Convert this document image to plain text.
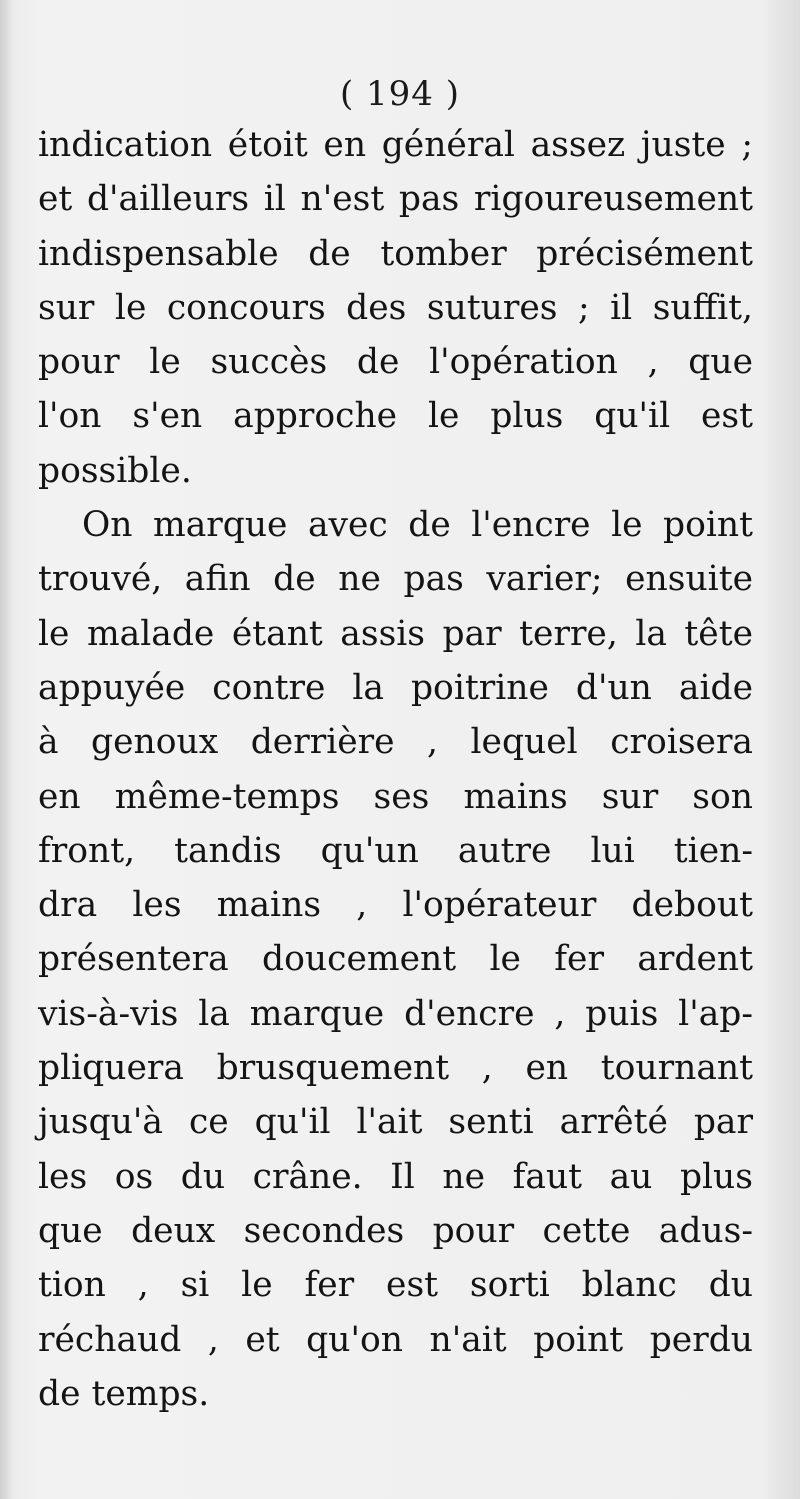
( 194 )
indication étoit en général assez juste ;
et d'ailleurs il n'est pas rigoureusement
indispensable de tomber précisément
sur le concours des sutures ; il suffit,
pour le succès de l'opération , que
l'on s'en approche le plus qu'il est
possible.
On marque avec de l'encre le point
trouvé, afin de ne pas varier; ensuite
le malade étant assis par terre, la tête
appuyée contre la poitrine d'un aide
à genoux derrière , lequel croisera
en même-temps ses mains sur son
front, tandis qu'un autre lui tien-
dra les mains , l'opérateur debout
présentera doucement le fer ardent
vis-à-vis la marque d'encre , puis l'ap-
pliquera brusquement , en tournant
jusqu'à ce qu'il l'ait senti arrêté par
les os du crâne. Il ne faut au plus
que deux secondes pour cette adus-
tion , si le fer est sorti blanc du
réchaud , et qu'on n'ait point perdu
de temps.
